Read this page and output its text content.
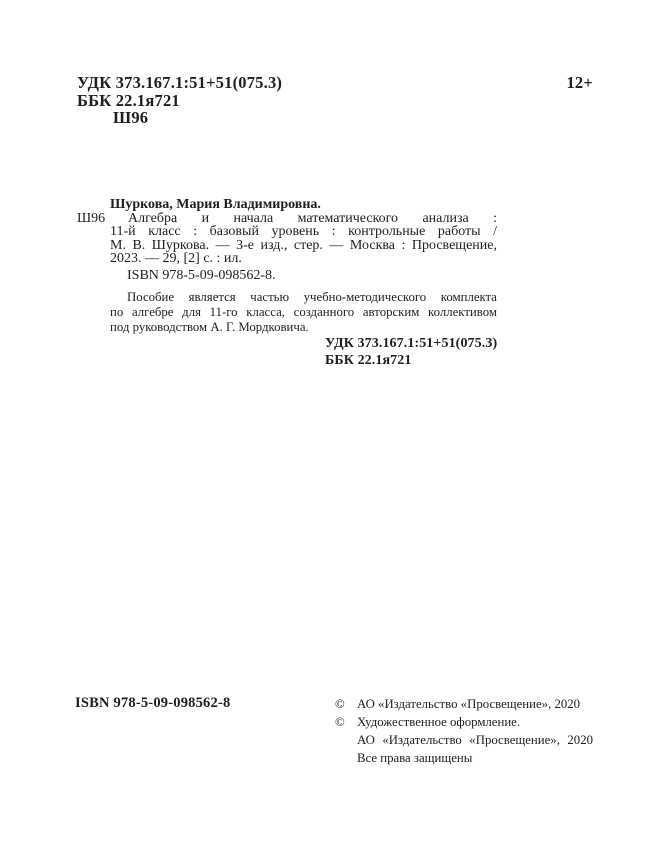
УДК 373.167.1:51+51(075.3)	12+
ББК 22.1я721
Ш96

Шуркова, Мария Владимировна.

Ш96	Алгебра и начала математического анализа :
11-й класс : базовый уровень : контрольные работы /
М. В. Шуркова. — 3-е изд., стер. — Москва : Просвещение,
2023. — 29, [2] с. : ил.

ISBN 978-5-09-098562-8.

Пособие является частью учебно-методического комплекта
по алгебре для 11-го класса, созданного авторским коллективом
под руководством А. Г. Мордковича.
УДК 373.167.1:51+51(075.3)
ББК 22.1я721
ISBN 978-5-09-098562-8	© АО «Издательство «Просвещение», 2020
© Художественное оформление.
АО «Издательство «Просвещение», 2020
Все права защищены
